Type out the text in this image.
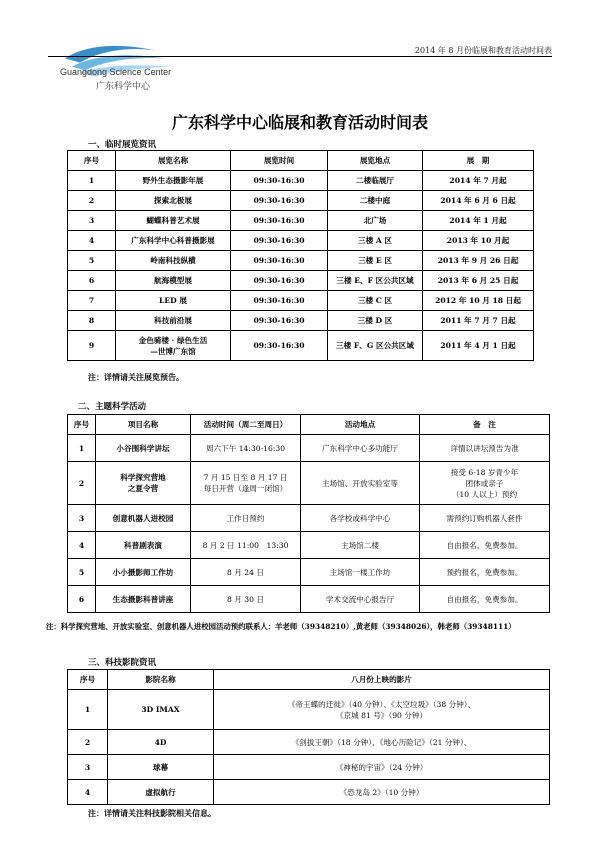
Guangdong Science Center
广东科学中心
2014 年 8 月份临展和教育活动时间表
广东科学中心临展和教育活动时间表
一、临时展览资讯
序号	展览名称	展览时间	展览地点	展　期
1	野外生态摄影年展	09:30-16:30	二楼临展厅	2014 年 7 月起
2	探索北极展	09:30-16:30	二楼中庭	2014 年 6 月 6 日起
3	蝴蝶科普艺术展	09:30-16:30	北广场	2014 年 1 月起
4	广东科学中心科普摄影展	09:30-16:30	三楼 A 区	2013 年 10 月起
5	岭南科技纵横	09:30-16:30	三楼 E 区	2013 年 9 月 26 日起
6	航海模型展	09:30-16:30	三楼 E、F 区公共区域	2013 年 6 月 25 日起
7	LED 展	09:30-16:30	三楼 C 区	2012 年 10 月 18 日起
8	科技前沿展	09:30-16:30	三楼 D 区	2011 年 7 月 7 日起
9	金色骑楼 · 绿色生活
—世博广东馆	09:30-16:30	三楼 F、G 区公共区域	2011 年 4 月 1 日起
注：详情请关注展览预告。
二、主题科学活动
序号	项目名称	活动时间（周二至周日）	活动地点	备　注
1	小谷围科学讲坛	周六下午 14:30-16:30	广东科学中心多功能厅	详情以讲坛预告为准
2	科学探究营地
之夏令营	7 月 15 日至 8 月 17 日
每日开营（逢周一闭馆）	主场馆、开放实验室等	接受 6-18 岁青少年
团体或亲子
（10 人以上）预约
3	创意机器人进校园	工作日预约	各学校或科学中心	需预约订购机器人套件
4	科普剧表演	8 月 2 日 11:00　13:30	主场馆二楼	自由报名，免费参加。
5	小小摄影师工作坊	8 月 24 日	主场馆一楼工作坊	预约报名，免费参加。
6	生态摄影科普讲座	8 月 30 日	学术交流中心报告厅	自由报名，免费参加。
注：科学探究营地、开放实验室、创意机器人进校园活动预约联系人：羊老师（39348210）,黄老师（39348026），韩老师（39348111）
三、科技影院资讯
序号	影院名称	八月份上映的影片
1	3D IMAX	《帝王蝶的迁徙》（40 分钟）、《太空垃圾》（38 分钟）、
《京城 81 号》（90 分钟）
2	4D	《剑拔王朝》（18 分钟）、《地心历险记》（21 分钟）、
3	球幕	《神秘的宇宙》（24 分钟）
4	虚拟航行	《恐龙岛 2》（10 分钟）
注：详情请关注科技影院相关信息。
